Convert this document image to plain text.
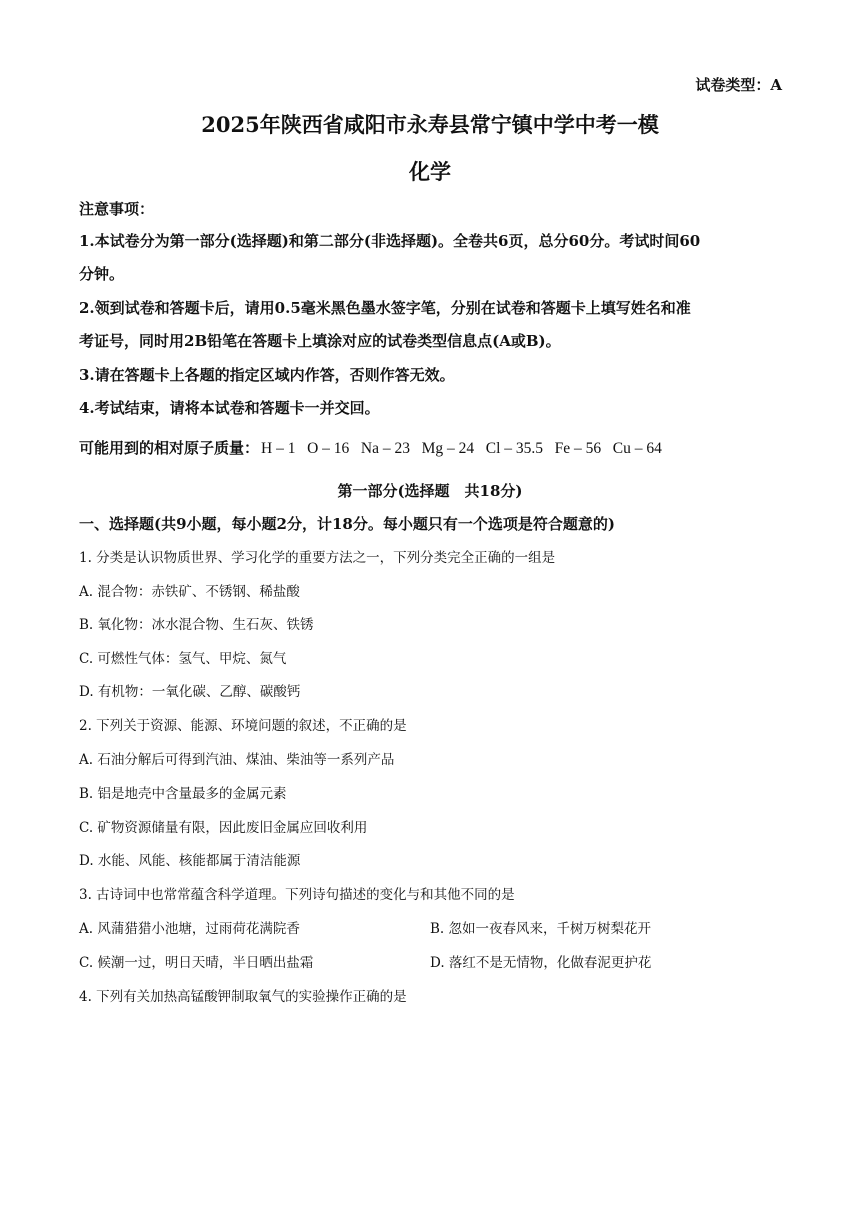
试卷类型：A
2025年陕西省咸阳市永寿县常宁镇中学中考一模
化学
注意事项：
1.本试卷分为第一部分(选择题)和第二部分(非选择题)。全卷共6页，总分60分。考试时间60
分钟。
2.领到试卷和答题卡后，请用0.5毫米黑色墨水签字笔，分别在试卷和答题卡上填写姓名和准
考证号，同时用2B铅笔在答题卡上填涂对应的试卷类型信息点(A或B)。
3.请在答题卡上各题的指定区域内作答，否则作答无效。
4.考试结束，请将本试卷和答题卡一并交回。
可能用到的相对原子质量： H – 1   O – 16   Na – 23   Mg – 24   Cl – 35.5   Fe – 56   Cu – 64
第一部分(选择题　共18分)
一、选择题(共9小题，每小题2分，计18分。每小题只有一个选项是符合题意的)
1. 分类是认识物质世界、学习化学的重要方法之一，下列分类完全正确的一组是
A. 混合物：赤铁矿、不锈钢、稀盐酸
B. 氧化物：冰水混合物、生石灰、铁锈
C. 可燃性气体：氢气、甲烷、氮气
D. 有机物：一氧化碳、乙醇、碳酸钙
2. 下列关于资源、能源、环境问题的叙述，不正确的是
A. 石油分解后可得到汽油、煤油、柴油等一系列产品
B. 铝是地壳中含量最多的金属元素
C. 矿物资源储量有限，因此废旧金属应回收利用
D. 水能、风能、核能都属于清洁能源
3. 古诗词中也常常蕴含科学道理。下列诗句描述的变化与和其他不同的是
A. 风蒲猎猎小池塘，过雨荷花满院香	B. 忽如一夜春风来，千树万树梨花开
C. 候潮一过，明日天晴，半日晒出盐霜	D. 落红不是无情物，化做春泥更护花
4. 下列有关加热高锰酸钾制取氧气的实验操作正确的是
